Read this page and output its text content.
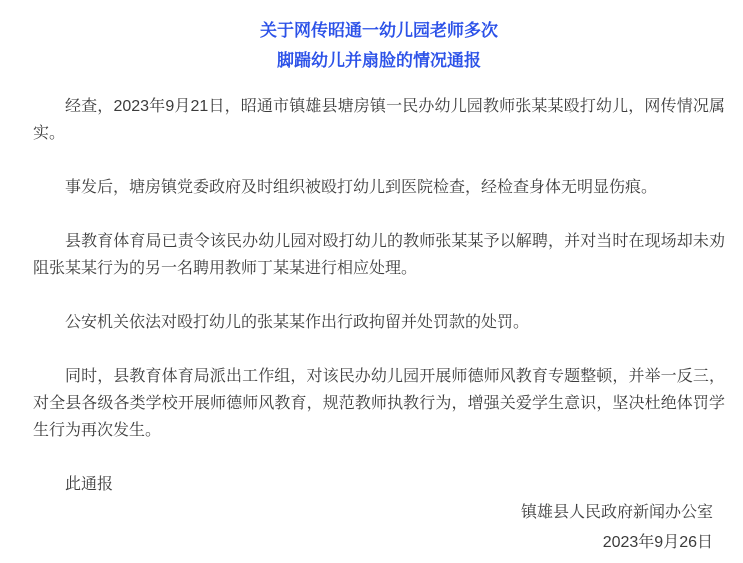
关于网传昭通一幼儿园老师多次
脚踹幼儿并扇脸的情况通报

经查，2023年9月21日，昭通市镇雄县塘房镇一民办幼儿园教师张某某殴打幼儿，网传情况属实。

事发后，塘房镇党委政府及时组织被殴打幼儿到医院检查，经检查身体无明显伤痕。

县教育体育局已责令该民办幼儿园对殴打幼儿的教师张某某予以解聘，并对当时在现场却未劝阻张某某行为的另一名聘用教师丁某某进行相应处理。

公安机关依法对殴打幼儿的张某某作出行政拘留并处罚款的处罚。

同时，县教育体育局派出工作组，对该民办幼儿园开展师德师风教育专题整顿，并举一反三，对全县各级各类学校开展师德师风教育，规范教师执教行为，增强关爱学生意识，坚决杜绝体罚学生行为再次发生。

此通报

镇雄县人民政府新闻办公室
2023年9月26日
